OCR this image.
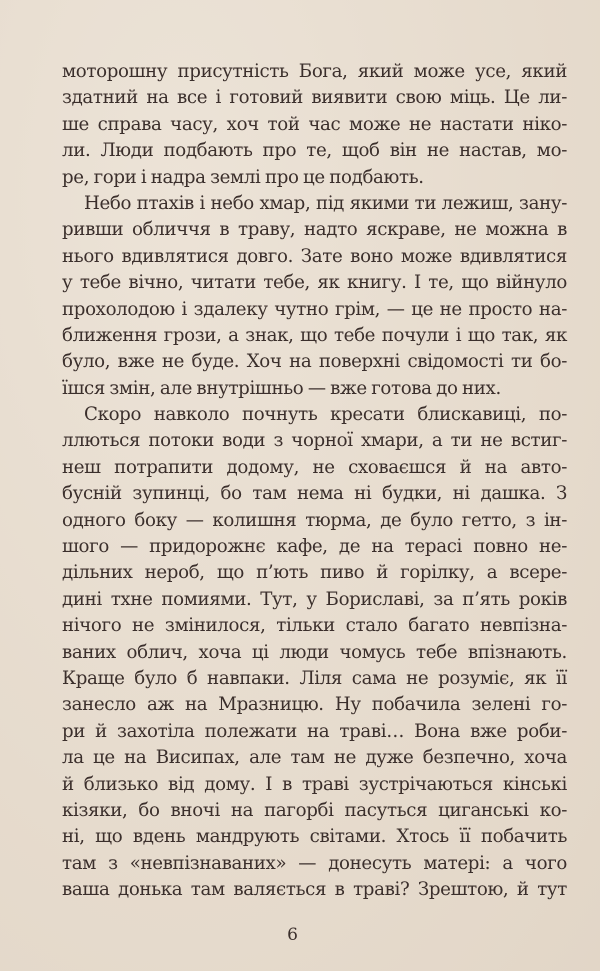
моторошну присутність Бога, який може усе, який
здатний на все і готовий виявити свою міць. Це ли-
ше справа часу, хоч той час може не настати ніко-
ли. Люди подбають про те, щоб він не настав, мо-
ре, гори і надра землі про це подбають.
Небо птахів і небо хмар, під якими ти лежиш, зану-
ривши обличчя в траву, надто яскраве, не можна в
нього вдивлятися довго. Зате воно може вдивлятися
у тебе вічно, читати тебе, як книгу. І те, що війнуло
прохолодою і здалеку чутно грім, — це не просто на-
ближення грози, а знак, що тебе почули і що так, як
було, вже не буде. Хоч на поверхні свідомості ти бо-
їшся змін, але внутрішньо — вже готова до них.
Скоро навколо почнуть кресати блискавиці, по-
ллються потоки води з чорної хмари, а ти не встиг-
неш потрапити додому, не сховаєшся й на авто-
бусній зупинці, бо там нема ні будки, ні дашка. З
одного боку — колишня тюрма, де було гетто, з ін-
шого — придорожнє кафе, де на терасі повно не-
дільних нероб, що п’ють пиво й горілку, а всере-
дині тхне помиями. Тут, у Бориславі, за п’ять років
нічого не змінилося, тільки стало багато невпізна-
ваних облич, хоча ці люди чомусь тебе впізнають.
Краще було б навпаки. Ліля сама не розуміє, як її
занесло аж на Мразницю. Ну побачила зелені го-
ри й захотіла полежати на траві… Вона вже роби-
ла це на Висипах, але там не дуже безпечно, хоча
й близько від дому. І в траві зустрічаються кінські
кізяки, бо вночі на пагорбі пасуться циганські ко-
ні, що вдень мандрують світами. Хтось її побачить
там з «невпізнаваних» — донесуть матері: а чого
ваша донька там валяється в траві? Зрештою, й тут
6
